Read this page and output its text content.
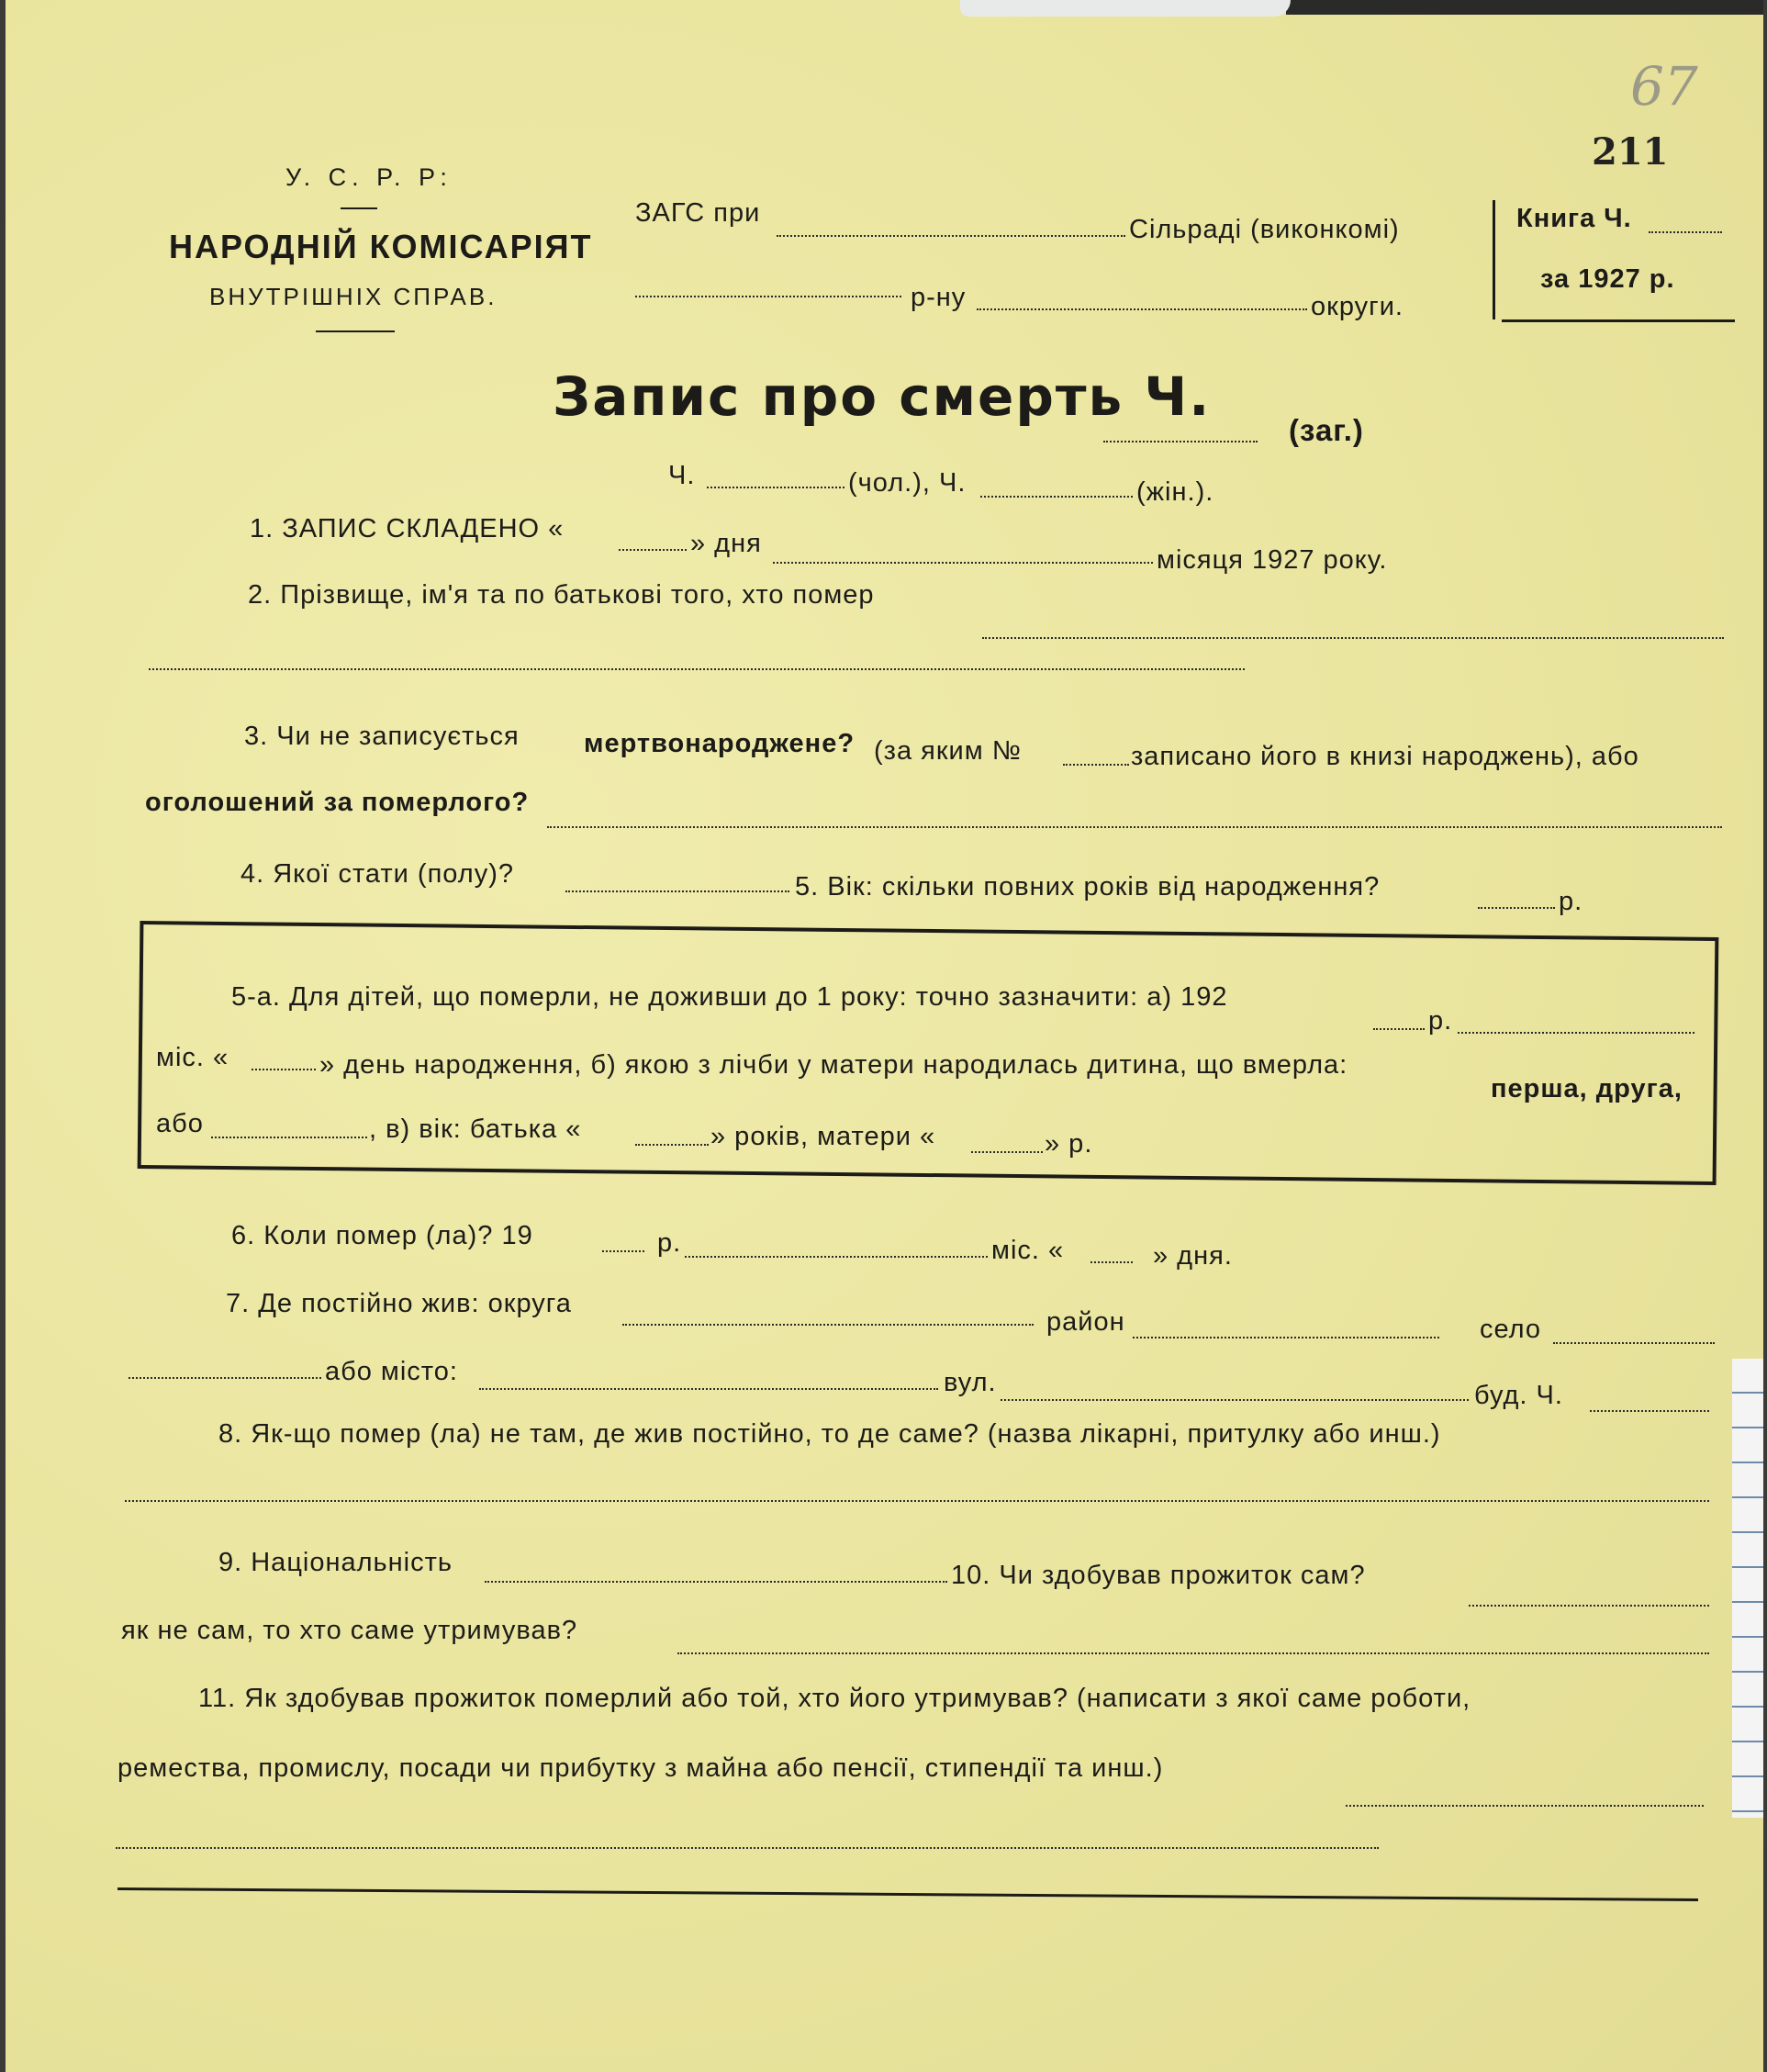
67
211
У. С. Р. Р:
НАРОДНІЙ КОМІСАРІЯТ
ВНУТРІШНІХ СПРАВ.
ЗАГС при
Сільраді (виконкомі)
р-ну	округи.
Книга Ч.
за 1927 р.
Запис про смерть Ч.
(заг.)
Ч.	(чол.), Ч.	(жін.).
1. ЗАПИС СКЛАДЕНО «	» дня
місяця 1927 року.
2. Прізвище, ім'я та по батькові того, хто помер
3. Чи не записується мертвонароджене? (за яким №	записано його в книзі народжень), або
оголошений за померлого?
4. Якої стати (полу)?	5. Вік: скільки повних років від народження?	р.
5-а. Для дітей, що померли, не доживши до 1 року: точно зазначити: а) 192
р.
міс. «	» день народження, б) якою з лічби у матери народилась дитина, що вмерла:
перша, друга,
або	, в) вік: батька «	» років, матери «	» р.
6. Коли помер (ла)? 19	р.	міс. «	» дня.
7. Де постійно жив: округа
район	село
або місто:	вул.	буд. Ч.
8. Як-що помер (ла) не там, де жив постійно, то де саме? (назва лікарні, притулку або инш.)
9. Національність	10. Чи здобував прожиток сам?
як не сам, то хто саме утримував?
11. Як здобував прожиток померлий або той, хто його утримував? (написати з якої саме роботи,
ремества, промислу, посади чи прибутку з майна або пенсії, стипендії та инш.)
